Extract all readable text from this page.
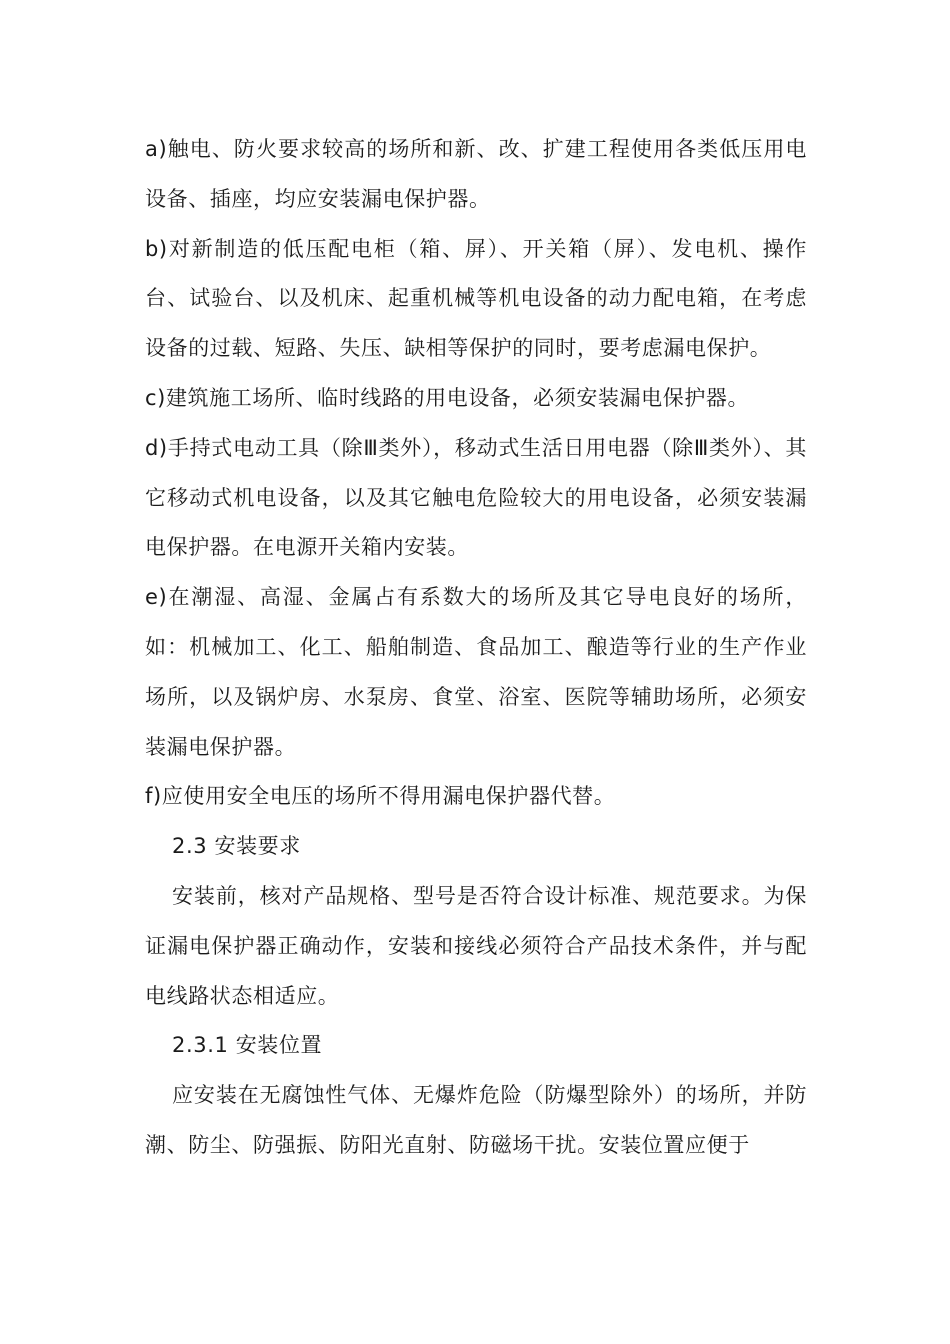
a)触电、防火要求较高的场所和新、改、扩建工程使用各类低压用电设备、插座，均应安装漏电保护器。

b)对新制造的低压配电柜（箱、屏）、开关箱（屏）、发电机、操作台、试验台、以及机床、起重机械等机电设备的动力配电箱，在考虑设备的过载、短路、失压、缺相等保护的同时，要考虑漏电保护。

c)建筑施工场所、临时线路的用电设备，必须安装漏电保护器。

d)手持式电动工具（除Ⅲ类外），移动式生活日用电器（除Ⅲ类外）、其它移动式机电设备，以及其它触电危险较大的用电设备，必须安装漏电保护器。在电源开关箱内安装。

e)在潮湿、高湿、金属占有系数大的场所及其它导电良好的场所，如：机械加工、化工、船舶制造、食品加工、酿造等行业的生产作业场所，以及锅炉房、水泵房、食堂、浴室、医院等辅助场所，必须安装漏电保护器。

f)应使用安全电压的场所不得用漏电保护器代替。

2.3 安装要求

安装前，核对产品规格、型号是否符合设计标准、规范要求。为保证漏电保护器正确动作，安装和接线必须符合产品技术条件，并与配电线路状态相适应。

2.3.1 安装位置

应安装在无腐蚀性气体、无爆炸危险（防爆型除外）的场所，并防潮、防尘、防强振、防阳光直射、防磁场干扰。安装位置应便于
